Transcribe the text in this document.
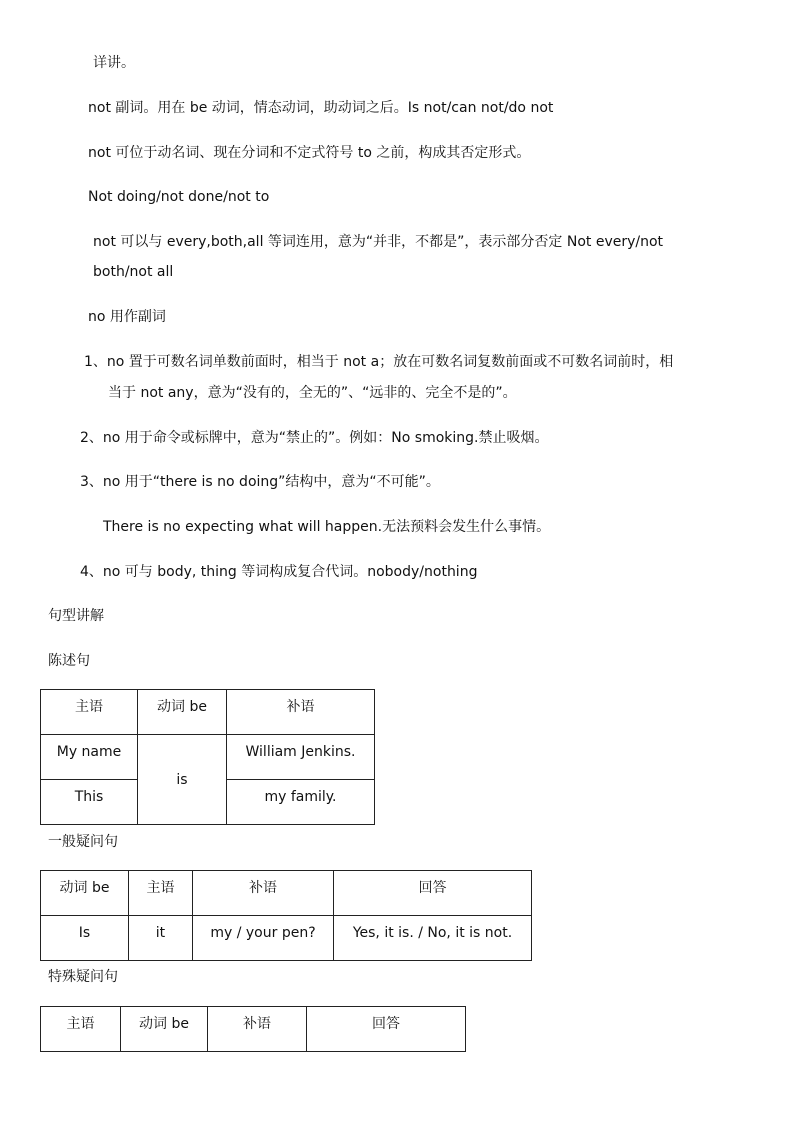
详讲。
not 副词。用在 be 动词，情态动词，助动词之后。Is not/can not/do not
not 可位于动名词、现在分词和不定式符号 to 之前，构成其否定形式。
Not doing/not done/not to
not 可以与 every,both,all 等词连用，意为“并非，不都是”，表示部分否定 Not every/not
both/not all
no 用作副词
1、no 置于可数名词单数前面时，相当于 not a；放在可数名词复数前面或不可数名词前时，相
当于 not any，意为“没有的，全无的”、“远非的、完全不是的”。
2、no 用于命令或标牌中，意为“禁止的”。例如：No smoking.禁止吸烟。
3、no 用于“there is no doing”结构中，意为“不可能”。
There is no expecting what will happen.无法预料会发生什么事情。
4、no 可与 body, thing 等词构成复合代词。nobody/nothing
句型讲解
陈述句
主语	动词 be	补语
My name	is	William Jenkins.
This		my family.
一般疑问句
动词 be	主语	补语	回答
Is	it	my / your pen?	Yes, it is. / No, it is not.
特殊疑问句
主语	动词 be	补语	回答
